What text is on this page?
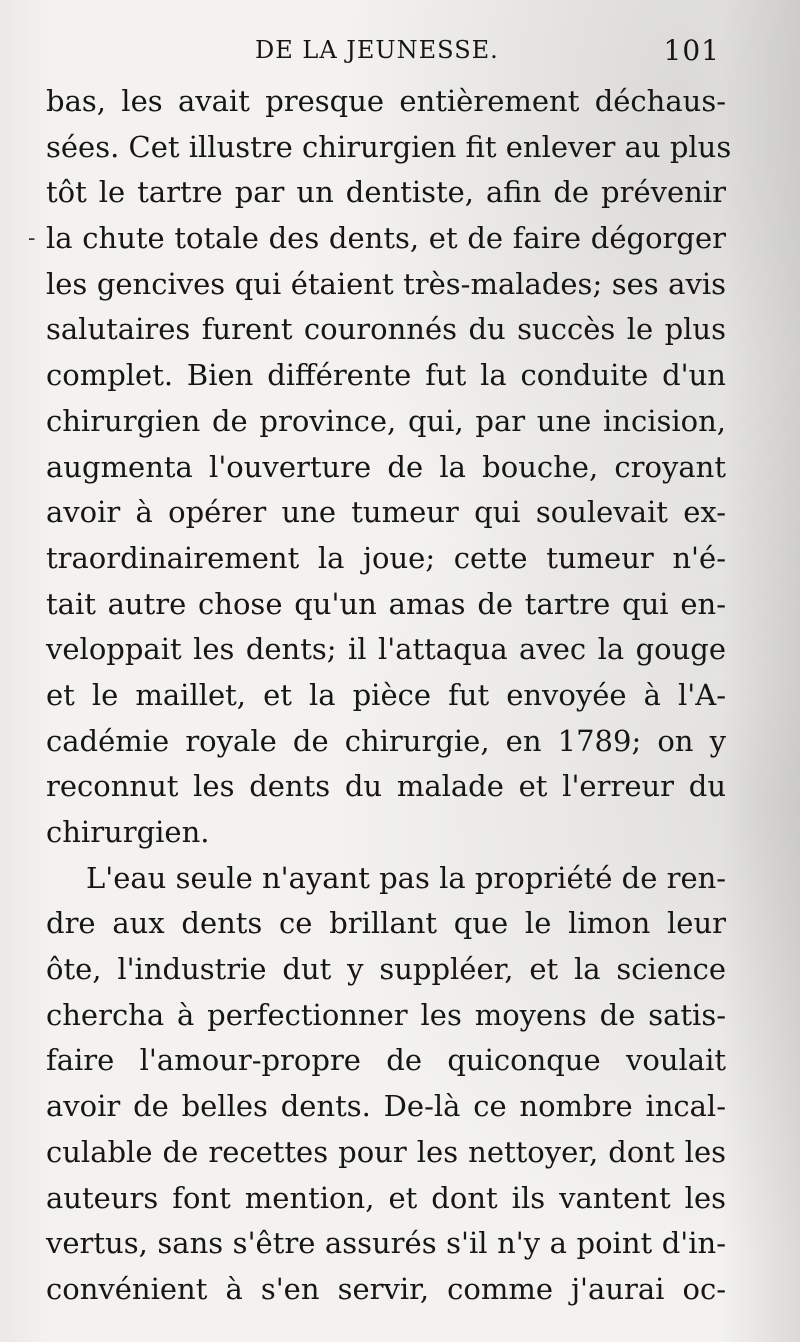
DE LA JEUNESSE.	101
-
bas, les avait presque entièrement déchaus-
sées. Cet illustre chirurgien fit enlever au plus
tôt le tartre par un dentiste, afin de prévenir
la chute totale des dents, et de faire dégorger
les gencives qui étaient très-malades; ses avis
salutaires furent couronnés du succès le plus
complet. Bien différente fut la conduite d'un
chirurgien de province, qui, par une incision,
augmenta l'ouverture de la bouche, croyant
avoir à opérer une tumeur qui soulevait ex-
traordinairement la joue; cette tumeur n'é-
tait autre chose qu'un amas de tartre qui en-
veloppait les dents; il l'attaqua avec la gouge
et le maillet, et la pièce fut envoyée à l'A-
cadémie royale de chirurgie, en 1789; on y
reconnut les dents du malade et l'erreur du
chirurgien.
L'eau seule n'ayant pas la propriété de ren-
dre aux dents ce brillant que le limon leur
ôte, l'industrie dut y suppléer, et la science
chercha à perfectionner les moyens de satis-
faire l'amour-propre de quiconque voulait
avoir de belles dents. De-là ce nombre incal-
culable de recettes pour les nettoyer, dont les
auteurs font mention, et dont ils vantent les
vertus, sans s'être assurés s'il n'y a point d'in-
convénient à s'en servir, comme j'aurai oc-
